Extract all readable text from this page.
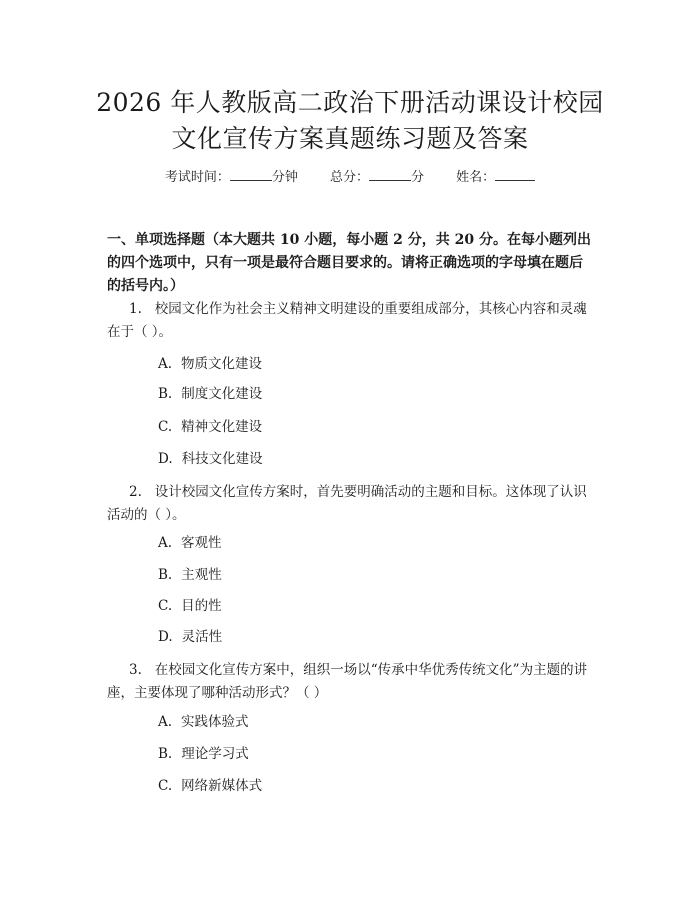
2026 年人教版高二政治下册活动课设计校园
文化宣传方案真题练习题及答案
考试时间：	分钟 总分：	分 姓名：

一、单项选择题（本大题共 10 小题，每小题 2 分，共 20 分。在每小题列出的四个选项中，只有一项是最符合题目要求的。请将正确选项的字母填在题后的括号内。）

1. 校园文化作为社会主义精神文明建设的重要组成部分，其核心内容和灵魂在于（ ）。

A. 物质文化建设

B. 制度文化建设

C. 精神文化建设

D. 科技文化建设

2. 设计校园文化宣传方案时，首先要明确活动的主题和目标。这体现了认识活动的（ ）。

A. 客观性

B. 主观性

C. 目的性

D. 灵活性

3. 在校园文化宣传方案中，组织一场以“传承中华优秀传统文化”为主题的讲座，主要体现了哪种活动形式？（ ）

A. 实践体验式

B. 理论学习式

C. 网络新媒体式
